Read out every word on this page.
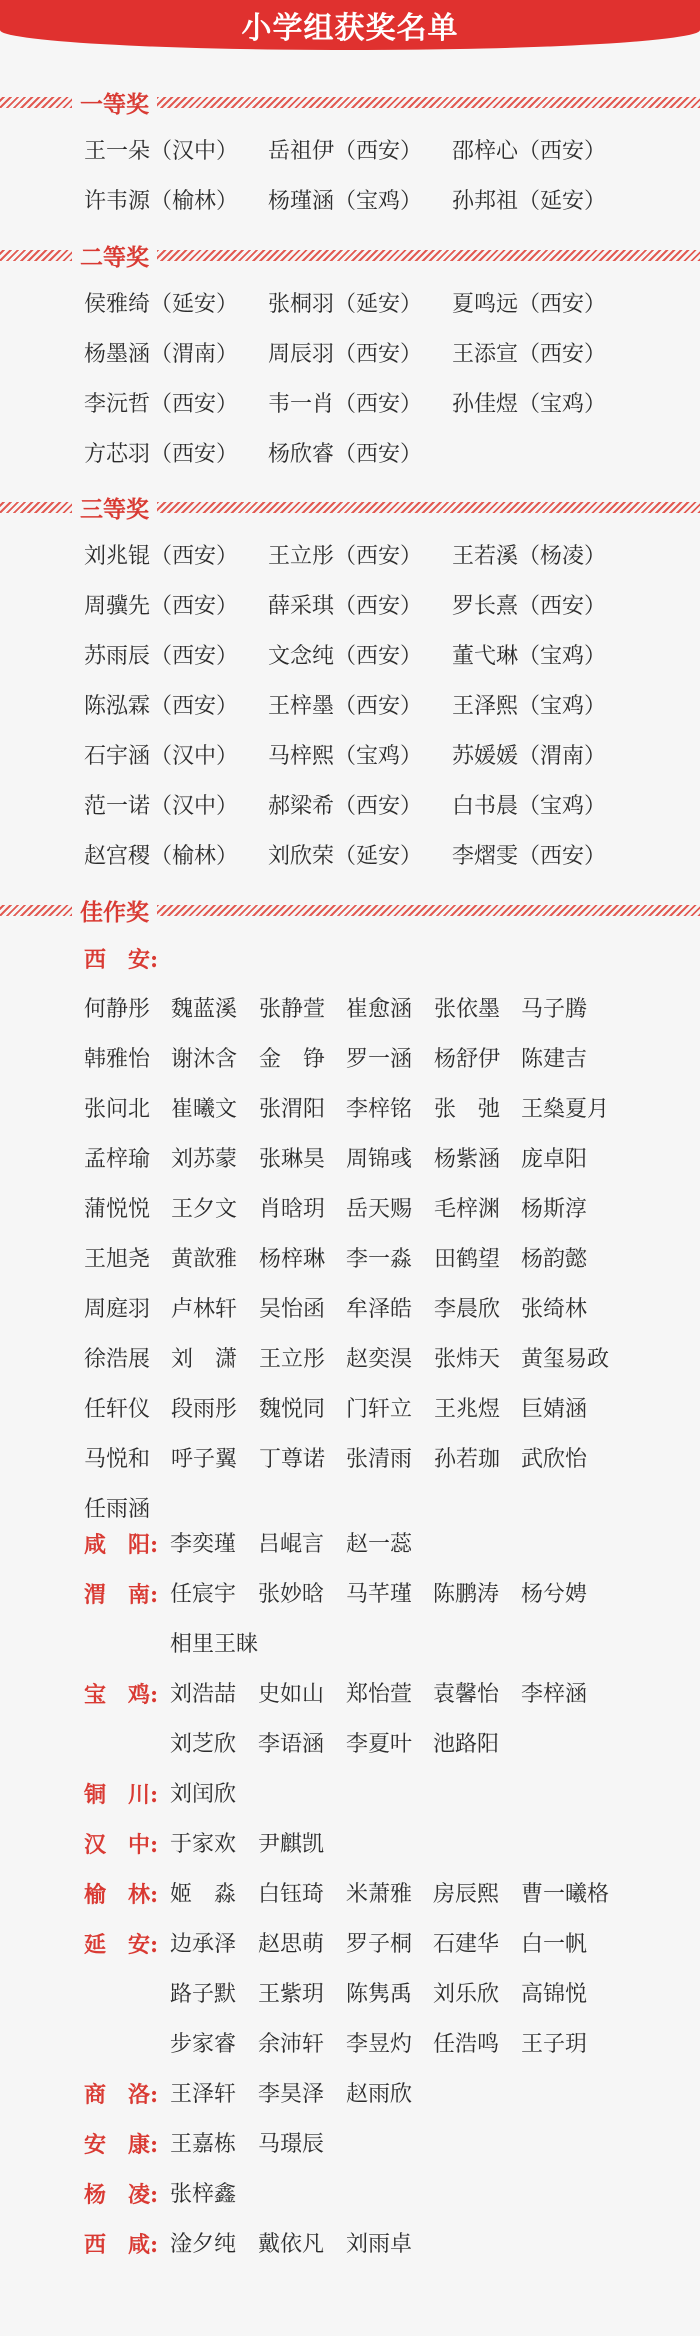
小学组获奖名单
一等奖
王一朵（汉中） 岳祖伊（西安） 邵梓心（西安）
许韦源（榆林） 杨瑾涵（宝鸡） 孙邦祖（延安）
二等奖
侯雅绮（延安） 张桐羽（延安） 夏鸣远（西安）
杨墨涵（渭南） 周辰羽（西安） 王添宣（西安）
李沅哲（西安） 韦一肖（西安） 孙佳煜（宝鸡）
方芯羽（西安） 杨欣睿（西安）
三等奖
刘兆锟（西安） 王立彤（西安） 王若溪（杨凌）
周骥先（西安） 薛采琪（西安） 罗长熹（西安）
苏雨辰（西安） 文念纯（西安） 董弋琳（宝鸡）
陈泓霖（西安） 王梓墨（西安） 王泽熙（宝鸡）
石宇涵（汉中） 马梓熙（宝鸡） 苏媛媛（渭南）
范一诺（汉中） 郝梁希（西安） 白书晨（宝鸡）
赵宫稷（榆林） 刘欣荣（延安） 李熠雯（西安）
佳作奖
西　安:
何静彤 魏蓝溪 张静萱 崔愈涵 张依墨 马子腾
韩雅怡 谢沐含 金　铮 罗一涵 杨舒伊 陈建吉
张问北 崔曦文 张渭阳 李梓铭 张　弛 王燊夏月
孟梓瑜 刘苏蒙 张琳昊 周锦彧 杨紫涵 庞卓阳
蒲悦悦 王夕文 肖晗玥 岳天赐 毛梓渊 杨斯淳
王旭尧 黄歆雅 杨梓琳 李一淼 田鹤望 杨韵懿
周庭羽 卢林轩 吴怡函 牟泽皓 李晨欣 张绮林
徐浩展 刘　潇 王立彤 赵奕淏 张炜天 黄玺易政
任轩仪 段雨彤 魏悦同 门轩立 王兆煜 巨婧涵
马悦和 呼子翼 丁尊诺 张清雨 孙若珈 武欣怡
任雨涵
咸　阳: 李奕瑾 吕崐言 赵一蕊
渭　南: 任宸宇 张妙晗 马芊瑾 陈鹏涛 杨兮娉
相里王睐
宝　鸡: 刘浩喆 史如山 郑怡萱 袁馨怡 李梓涵
刘芝欣 李语涵 李夏叶 池路阳
铜　川: 刘闰欣
汉　中: 于家欢 尹麒凯
榆　林: 姬　淼 白钰琦 米萧雅 房辰熙 曹一曦格
延　安: 边承泽 赵思萌 罗子桐 石建华 白一帆
路子默 王紫玥 陈隽禹 刘乐欣 高锦悦
步家睿 余沛轩 李昱灼 任浩鸣 王子玥
商　洛: 王泽轩 李昊泽 赵雨欣
安　康: 王嘉栋 马璟辰
杨　凌: 张梓鑫
西　咸: 淦夕纯 戴依凡 刘雨卓
